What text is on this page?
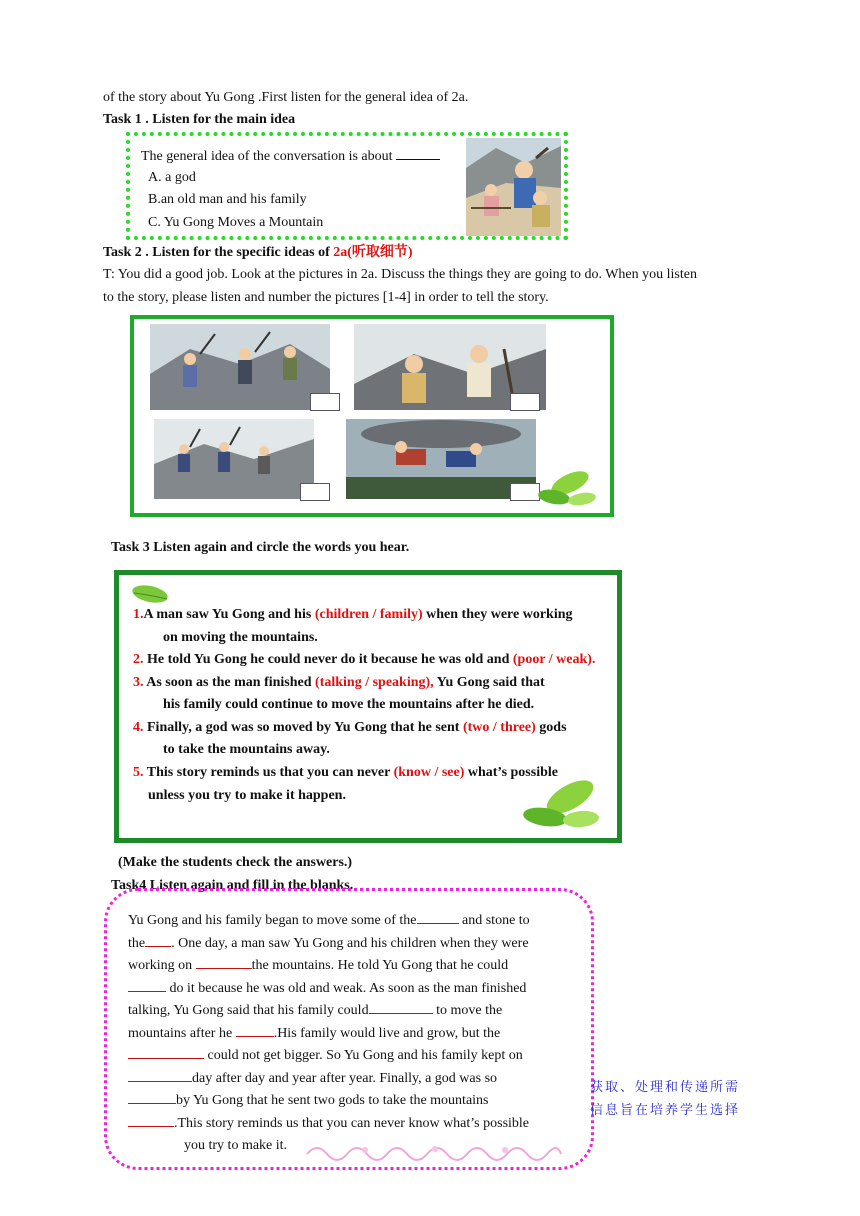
of the story about Yu Gong .First listen for the general idea of 2a.
Task 1 . Listen for the main idea
The general idea of the conversation is about
A. a god
B.an old man and his family
C. Yu Gong Moves a Mountain
Task 2 . Listen for the specific ideas of 2a(听取细节)
T: You did a good job. Look at the pictures in 2a. Discuss the things they are going to do. When you listen
to the story, please listen and number the pictures [1-4] in order to tell the story.
Task 3 Listen again and circle the words you hear.
1.A man saw Yu Gong and his (children / family) when they were working
on moving the mountains.
2. He told Yu Gong he could never do it because he was old and (poor / weak).
3. As soon as the man finished (talking / speaking), Yu Gong said that
his family could continue to move the mountains after he died.
4. Finally, a god was so moved by Yu Gong that he sent (two / three) gods
to take the mountains away.
5. This story reminds us that you can never (know / see) what’s possible
unless you try to make it happen.
(Make the students check the answers.)
Task4 Listen again and fill in the blanks.
Yu Gong and his family began to move some of the	and stone to
the . One day, a man saw Yu Gong and his children when they were
working on	the mountains. He told Yu Gong that he could
do it because he was old and weak. As soon as the man finished
talking, Yu Gong said that his family could	to move the
mountains after he	.His family would live and grow, but the
could not get bigger. So Yu Gong and his family kept on
day after day and year after year. Finally, a god was so
by Yu Gong that he sent two gods to take the mountains
.This story reminds us that you can never know what’s possible
you try to make it.
获取、处理和传递所需
信息旨在培养学生选择
